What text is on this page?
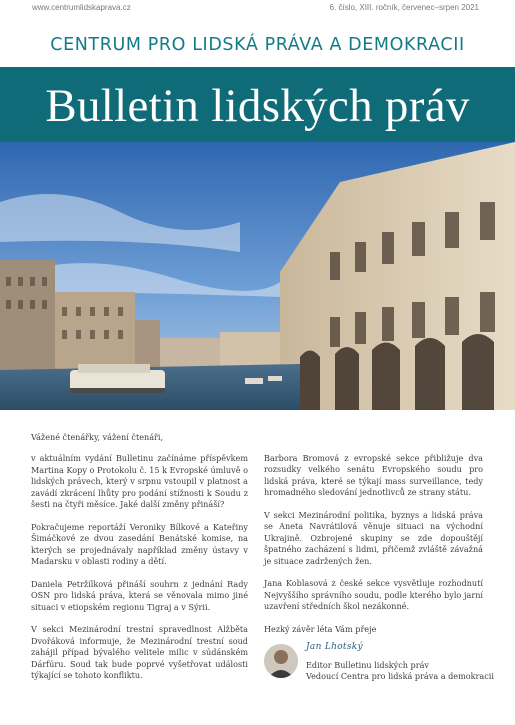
www.centrumlidskaprava.cz	6. číslo, XIII. ročník, červenec–srpen 2021
CENTRUM PRO LIDSKÁ PRÁVA A DEMOKRACII
Bulletin lidských práv

Vážené čtenářky, vážení čtenáři,

v aktuálním vydání Bulletinu začínáme příspěvkem Martina Kopy o Protokolu č. 15 k Evropské úmluvě o lidských právech, který v srpnu vstoupil v platnost a zavádí zkrácení lhůty pro podání stížnosti k Soudu z šesti na čtyři měsíce. Jaké další změny přináší?

Pokračujeme reportáží Veroniky Bílkové a Kateřiny Šimáčkové ze dvou zasedání Benátské komise, na kterých se projednávaly například změny ústavy v Madarsku v oblasti rodiny a dětí.

Daniela Petržílková přináší souhrn z jednání Rady OSN pro lidská práva, která se věnovala mimo jiné situaci v etiopském regionu Tigraj a v Sýrii.

V sekci Mezinárodní trestní spravedlnost Alžběta Dvořáková informuje, že Mezinárodní trestní soud zahájil případ bývalého velitele milic v súdánském Dárfúru. Soud tak bude poprvé vyšetřovat události týkající se tohoto konfliktu.

Barbora Bromová z evropské sekce přibližuje dva rozsudky velkého senátu Evropského soudu pro lidská práva, které se týkají mass surveillance, tedy hromadného sledování jednotlivců ze strany státu.

V sekci Mezinárodní politika, byznys a lidská práva se Aneta Navrátilová věnuje situaci na východní Ukrajině. Ozbrojené skupiny se zde dopouštějí špatného zacházení s lidmi, přičemž zvláště závažná je situace zadržených žen.

Jana Koblasová z české sekce vysvětluje rozhodnutí Nejvyššího správního soudu, podle kterého bylo jarní uzavření středních škol nezákonné.

Hezký závěr léta Vám přeje

Jan Lhotský
Editor Bulletinu lidských práv
Vedoucí Centra pro lidská práva a demokracii
